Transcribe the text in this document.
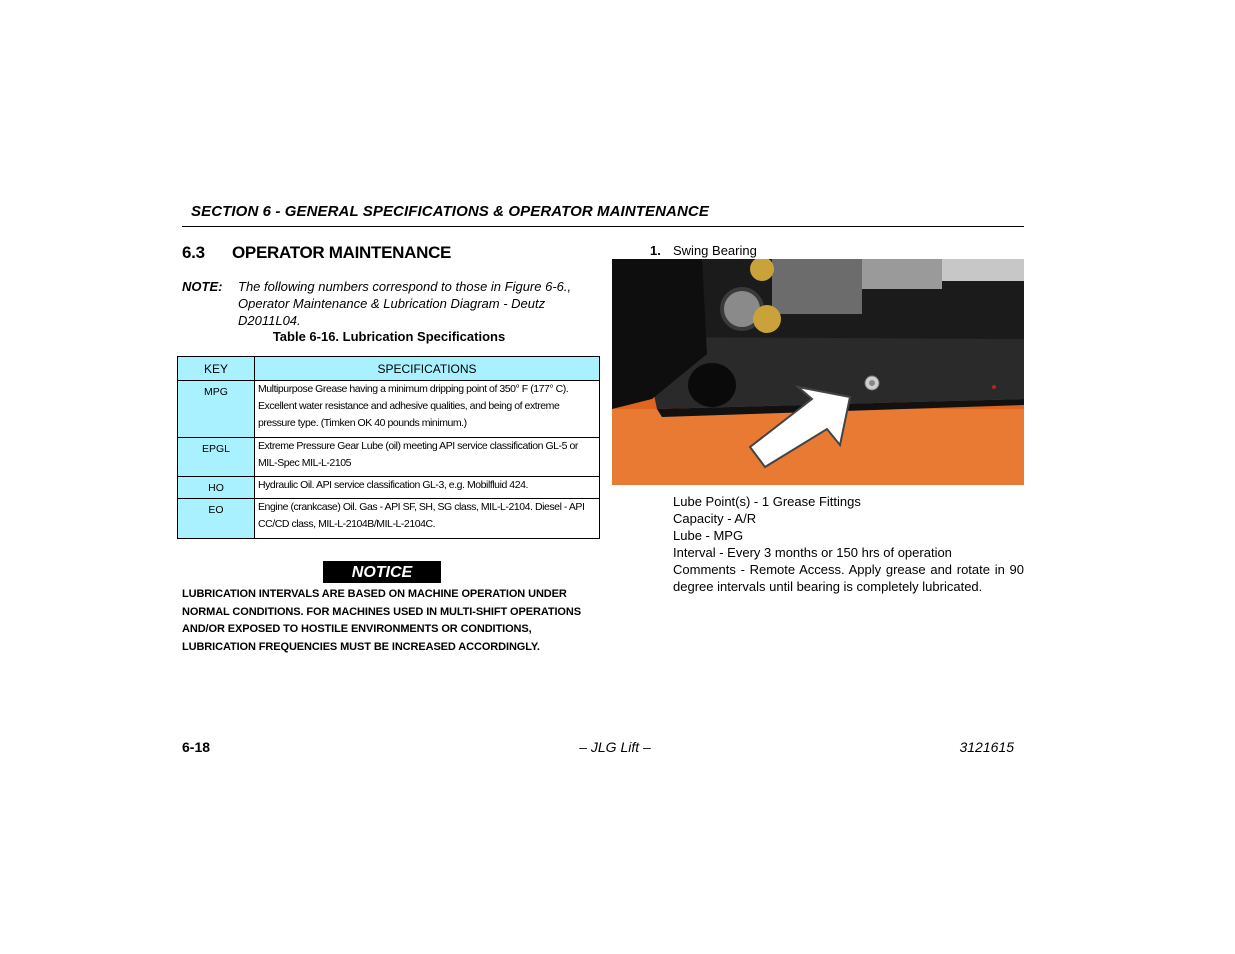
SECTION 6 - GENERAL SPECIFICATIONS & OPERATOR MAINTENANCE
6.3 OPERATOR MAINTENANCE
NOTE: The following numbers correspond to those in Figure 6-6., Operator Maintenance & Lubrication Diagram - Deutz D2011L04.
Table 6-16. Lubrication Specifications
KEY	SPECIFICATIONS
MPG	Multipurpose Grease having a minimum dripping point of 350° F (177° C). Excellent water resistance and adhesive qualities, and being of extreme pressure type. (Timken OK 40 pounds minimum.)
EPGL	Extreme Pressure Gear Lube (oil) meeting API service classification GL-5 or MIL-Spec MIL-L-2105
HO	Hydraulic Oil. API service classification GL-3, e.g. Mobilfluid 424.
EO	Engine (crankcase) Oil. Gas - API SF, SH, SG class, MIL-L-2104. Diesel - API CC/CD class, MIL-L-2104B/MIL-L-2104C.
NOTICE
LUBRICATION INTERVALS ARE BASED ON MACHINE OPERATION UNDER NORMAL CONDITIONS. FOR MACHINES USED IN MULTI-SHIFT OPERATIONS AND/OR EXPOSED TO HOSTILE ENVIRONMENTS OR CONDITIONS, LUBRICATION FREQUENCIES MUST BE INCREASED ACCORDINGLY.
1. Swing Bearing
Lube Point(s) - 1 Grease Fittings
Capacity - A/R
Lube - MPG
Interval - Every 3 months or 150 hrs of operation
Comments - Remote Access. Apply grease and rotate in 90 degree intervals until bearing is completely lubricated.
6-18	– JLG Lift –	3121615
